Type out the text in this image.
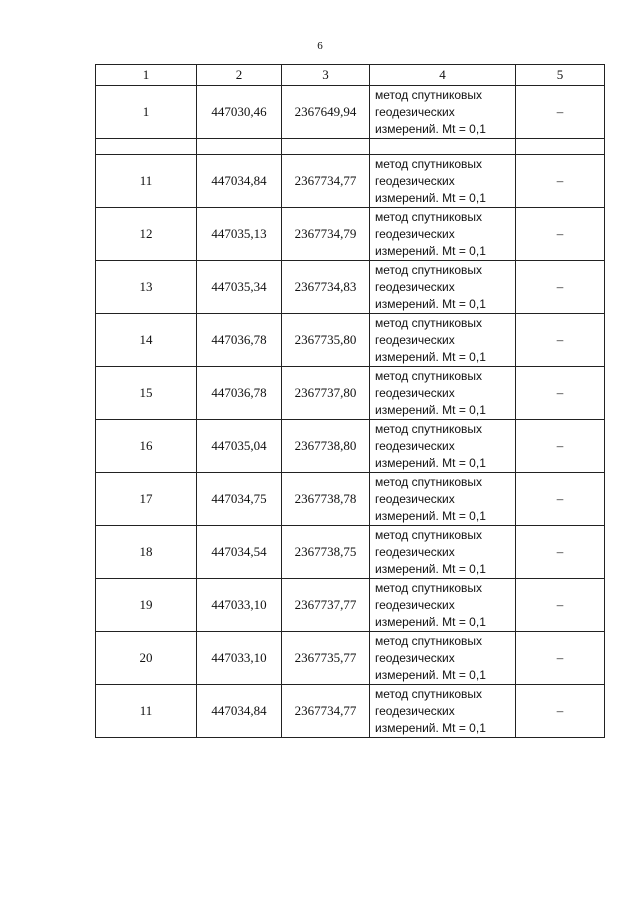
6
1	2	3	4	5
1	447030,46	2367649,94	метод спутниковых
геодезических
измерений. Mt = 0,1	–

11	447034,84	2367734,77	метод спутниковых
геодезических
измерений. Mt = 0,1	–
12	447035,13	2367734,79	метод спутниковых
геодезических
измерений. Mt = 0,1	–
13	447035,34	2367734,83	метод спутниковых
геодезических
измерений. Mt = 0,1	–
14	447036,78	2367735,80	метод спутниковых
геодезических
измерений. Mt = 0,1	–
15	447036,78	2367737,80	метод спутниковых
геодезических
измерений. Mt = 0,1	–
16	447035,04	2367738,80	метод спутниковых
геодезических
измерений. Mt = 0,1	–
17	447034,75	2367738,78	метод спутниковых
геодезических
измерений. Mt = 0,1	–
18	447034,54	2367738,75	метод спутниковых
геодезических
измерений. Mt = 0,1	–
19	447033,10	2367737,77	метод спутниковых
геодезических
измерений. Mt = 0,1	–
20	447033,10	2367735,77	метод спутниковых
геодезических
измерений. Mt = 0,1	–
11	447034,84	2367734,77	метод спутниковых
геодезических
измерений. Mt = 0,1	–
